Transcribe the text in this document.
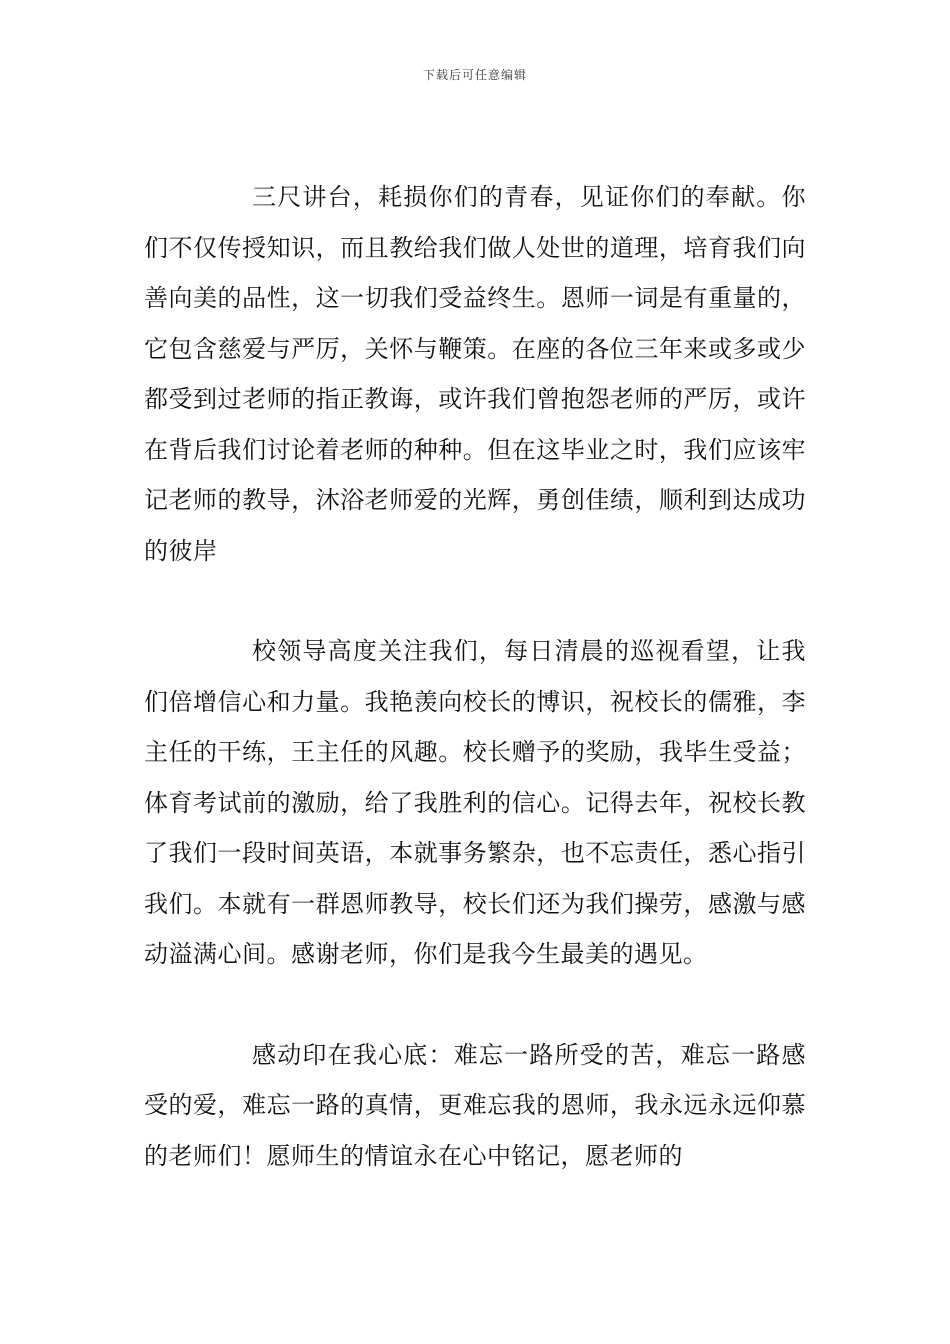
下载后可任意编辑

三尺讲台，耗损你们的青春，见证你们的奉献。你们不仅传授知识，而且教给我们做人处世的道理，培育我们向善向美的品性，这一切我们受益终生。恩师一词是有重量的，它包含慈爱与严厉，关怀与鞭策。在座的各位三年来或多或少都受到过老师的指正教诲，或许我们曾抱怨老师的严厉，或许在背后我们讨论着老师的种种。但在这毕业之时，我们应该牢记老师的教导，沐浴老师爱的光辉，勇创佳绩，顺利到达成功的彼岸

校领导高度关注我们，每日清晨的巡视看望，让我们倍增信心和力量。我艳羡向校长的博识，祝校长的儒雅，李主任的干练，王主任的风趣。校长赠予的奖励，我毕生受益；体育考试前的激励，给了我胜利的信心。记得去年，祝校长教了我们一段时间英语，本就事务繁杂，也不忘责任，悉心指引我们。本就有一群恩师教导，校长们还为我们操劳，感激与感动溢满心间。感谢老师，你们是我今生最美的遇见。

感动印在我心底：难忘一路所受的苦，难忘一路感受的爱，难忘一路的真情，更难忘我的恩师，我永远永远仰慕的老师们！愿师生的情谊永在心中铭记，愿老师的
